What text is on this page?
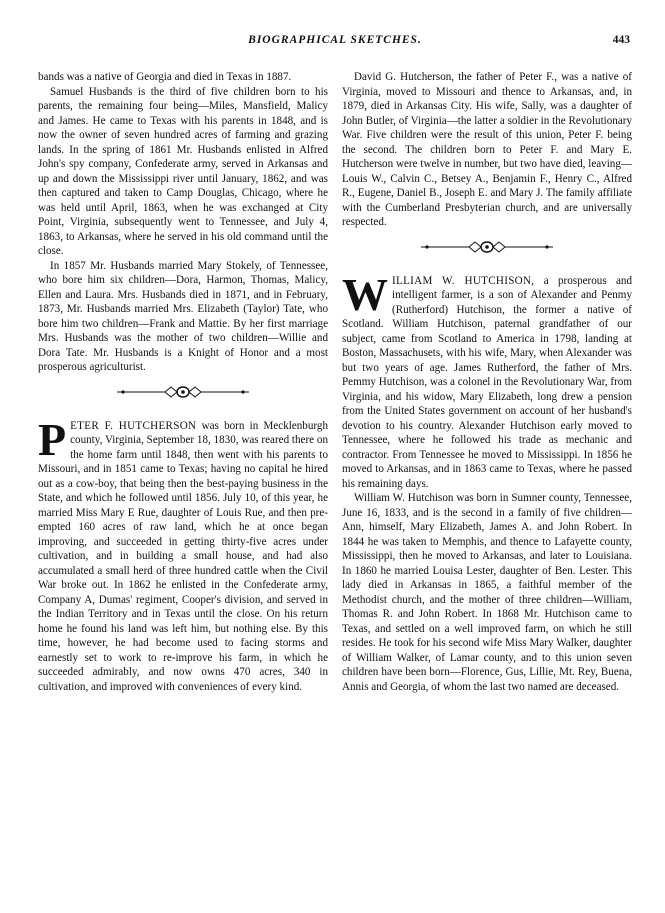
BIOGRAPHICAL SKETCHES.	443

bands was a native of Georgia and died in Texas in 1887.

Samuel Husbands is the third of five children born to his parents, the remaining four being—Miles, Mansfield, Malicy and James. He came to Texas with his parents in 1848, and is now the owner of seven hundred acres of farming and grazing lands. In the spring of 1861 Mr. Husbands enlisted in Alfred John's spy company, Confederate army, served in Arkansas and up and down the Mississippi river until January, 1862, and was then captured and taken to Camp Douglas, Chicago, where he was held until April, 1863, when he was exchanged at City Point, Virginia, subsequently went to Tennessee, and July 4, 1863, to Arkansas, where he served in his old command until the close.

In 1857 Mr. Husbands married Mary Stokely, of Tennessee, who bore him six children—Dora, Harmon, Thomas, Malicy, Ellen and Laura. Mrs. Husbands died in 1871, and in February, 1873, Mr. Husbands married Mrs. Elizabeth (Taylor) Tate, who bore him two children—Frank and Mattie. By her first marriage Mrs. Husbands was the mother of two children—Willie and Dora Tate. Mr. Husbands is a Knight of Honor and a most prosperous agriculturist.

PETER F. HUTCHERSON was born in Mecklenburgh county, Virginia, September 18, 1830, was reared there on the home farm until 1848, then went with his parents to Missouri, and in 1851 came to Texas; having no capital he hired out as a cow-boy, that being then the best-paying business in the State, and which he followed until 1856. July 10, of this year, he married Miss Mary E Rue, daughter of Louis Rue, and then pre-empted 160 acres of raw land, which he at once began improving, and succeeded in getting thirty-five acres under cultivation, and in building a small house, and had also accumulated a small herd of three hundred cattle when the Civil War broke out. In 1862 he enlisted in the Confederate army, Company A, Dumas' regiment, Cooper's division, and served in the Indian Territory and in Texas until the close. On his return home he found his land was left him, but nothing else. By this time, however, he had become used to facing storms and earnestly set to work to re-improve his farm, in which he succeeded admirably, and now owns 470 acres, 340 in cultivation, and improved with conveniences of every kind.

David G. Hutcherson, the father of Peter F., was a native of Virginia, moved to Missouri and thence to Arkansas, and, in 1879, died in Arkansas City. His wife, Sally, was a daughter of John Butler, of Virginia—the latter a soldier in the Revolutionary War. Five children were the result of this union, Peter F. being the second. The children born to Peter F. and Mary E. Hutcherson were twelve in number, but two have died, leaving—Louis W., Calvin C., Betsey A., Benjamin F., Henry C., Alfred R., Eugene, Daniel B., Joseph E. and Mary J. The family affiliate with the Cumberland Presbyterian church, and are universally respected.

WILLIAM W. HUTCHISON, a prosperous and intelligent farmer, is a son of Alexander and Penmy (Rutherford) Hutchison, the former a native of Scotland. William Hutchison, paternal grandfather of our subject, came from Scotland to America in 1798, landing at Boston, Massachusets, with his wife, Mary, when Alexander was but two years of age. James Rutherford, the father of Mrs. Pemmy Hutchison, was a colonel in the Revolutionary War, from Virginia, and his widow, Mary Elizabeth, long drew a pension from the United States government on account of her husband's devotion to his country. Alexander Hutchison early moved to Tennessee, where he followed his trade as mechanic and contractor. From Tennessee he moved to Mississippi. In 1856 he moved to Arkansas, and in 1863 came to Texas, where he passed his remaining days.

William W. Hutchison was born in Sumner county, Tennessee, June 16, 1833, and is the second in a family of five children—Ann, himself, Mary Elizabeth, James A. and John Robert. In 1844 he was taken to Memphis, and thence to Lafayette county, Mississippi, then he moved to Arkansas, and later to Louisiana. In 1860 he married Louisa Lester, daughter of Ben. Lester. This lady died in Arkansas in 1865, a faithful member of the Methodist church, and the mother of three children—William, Thomas R. and John Robert. In 1868 Mr. Hutchison came to Texas, and settled on a well improved farm, on which he still resides. He took for his second wife Miss Mary Walker, daughter of William Walker, of Lamar county, and to this union seven children have been born—Florence, Gus, Lillie, Mt. Rey, Buena, Annis and Georgia, of whom the last two named are deceased.
